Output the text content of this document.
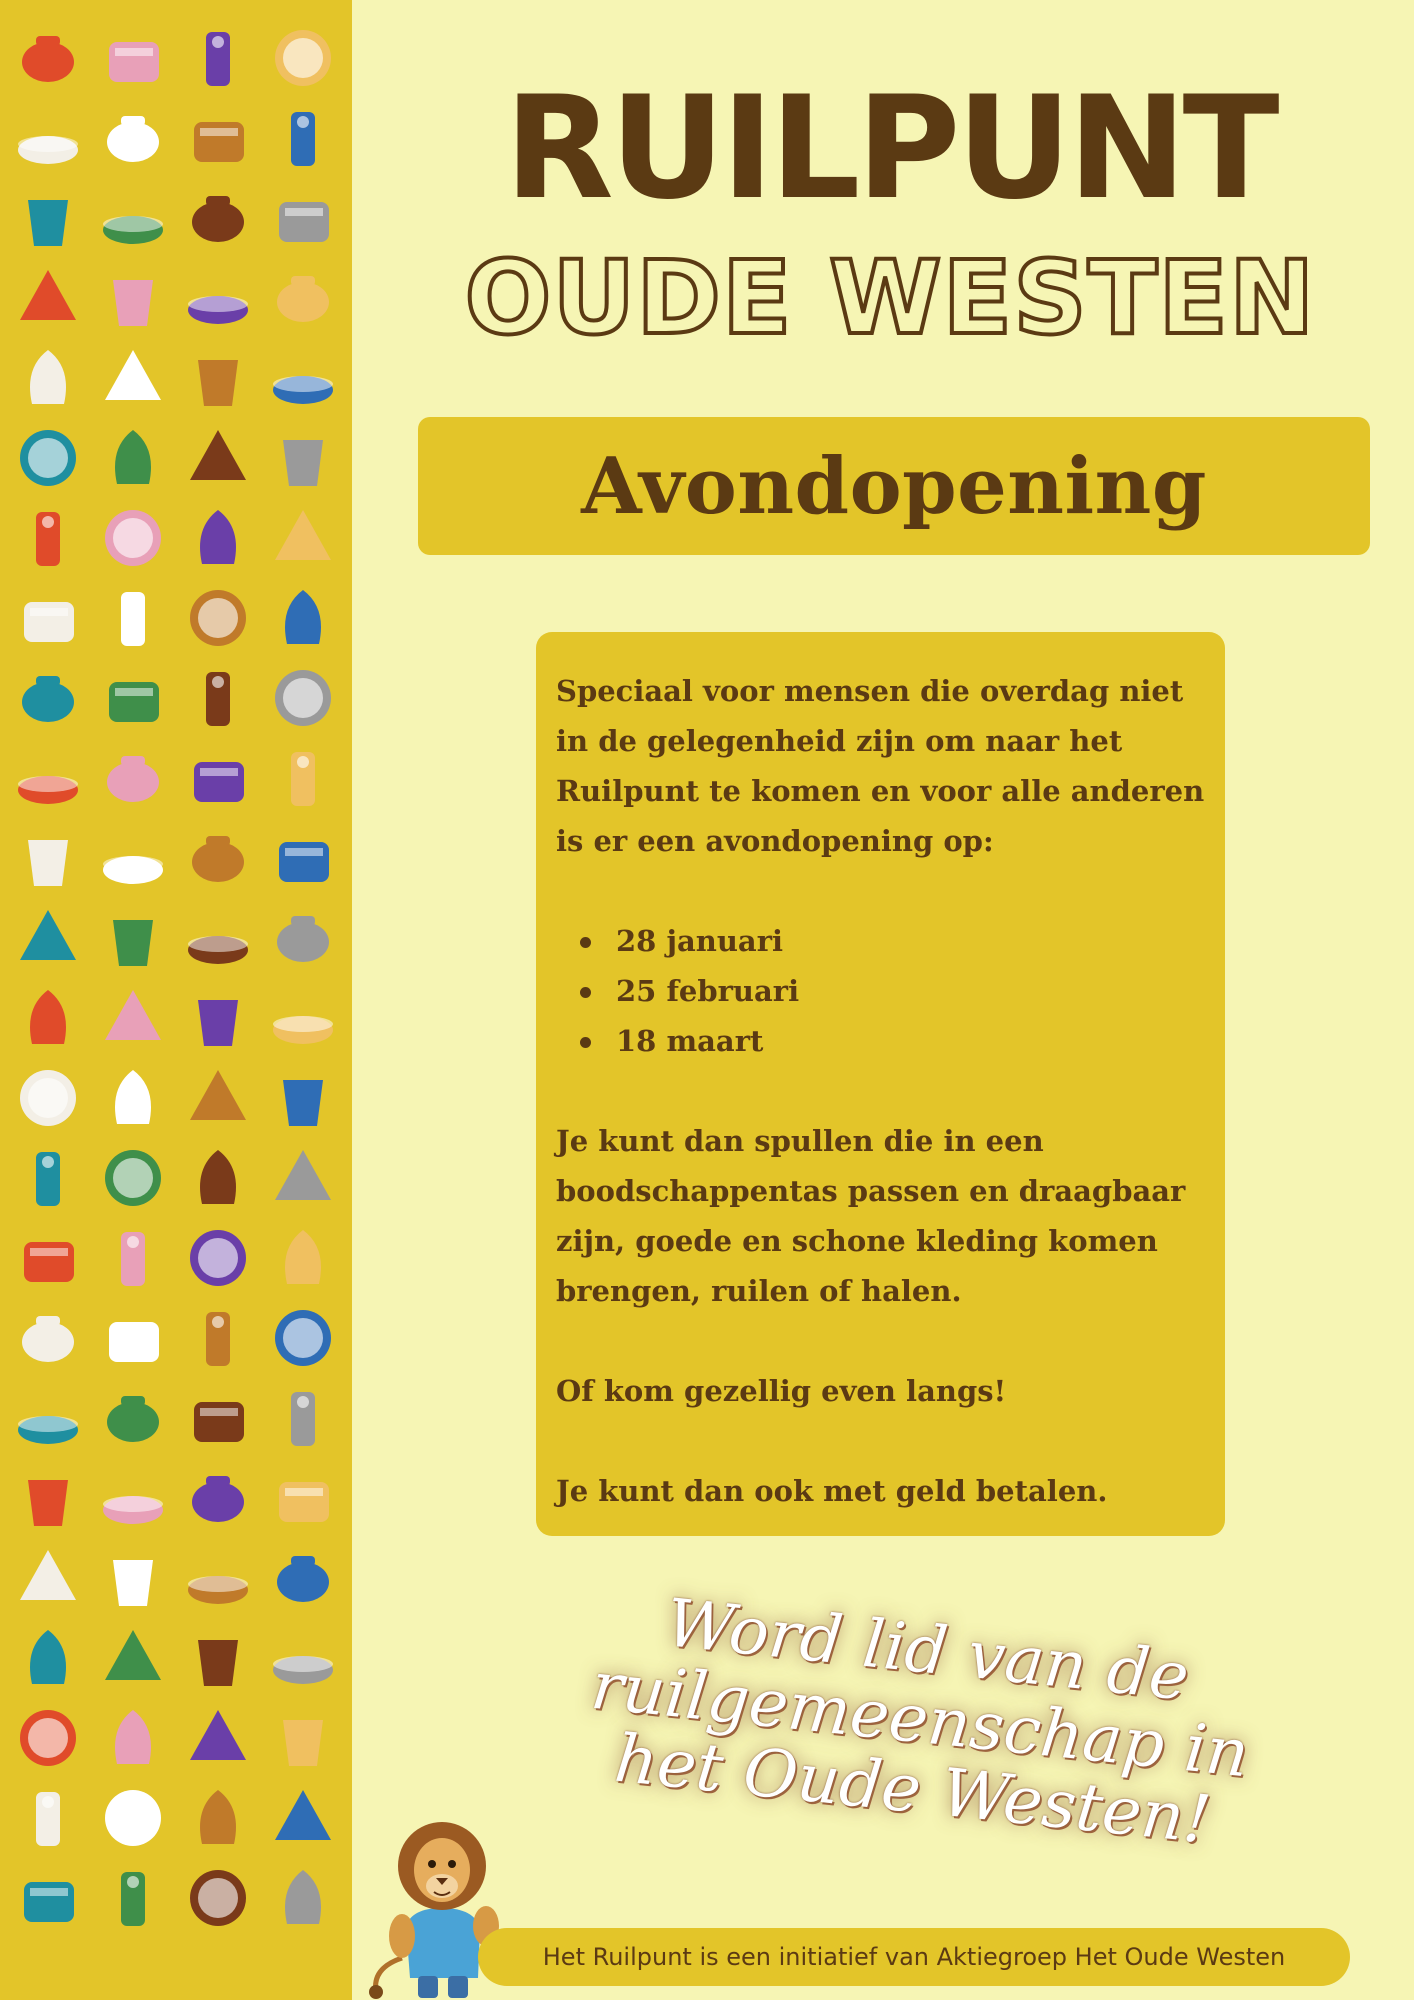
RUILPUNT
OUDE WESTEN
Avondopening

Speciaal voor mensen die overdag niet in de gelegenheid zijn om naar het Ruilpunt te komen en voor alle anderen is er een avondopening op:

28 januari
25 februari
18 maart

Je kunt dan spullen die in een boodschappentas passen en draagbaar zijn, goede en schone kleding komen brengen, ruilen of halen.

Of kom gezellig even langs!

Je kunt dan ook met geld betalen.

Word lid van de ruilgemeenschap in het Oude Westen!
Het Ruilpunt is een initiatief van Aktiegroep Het Oude Westen
